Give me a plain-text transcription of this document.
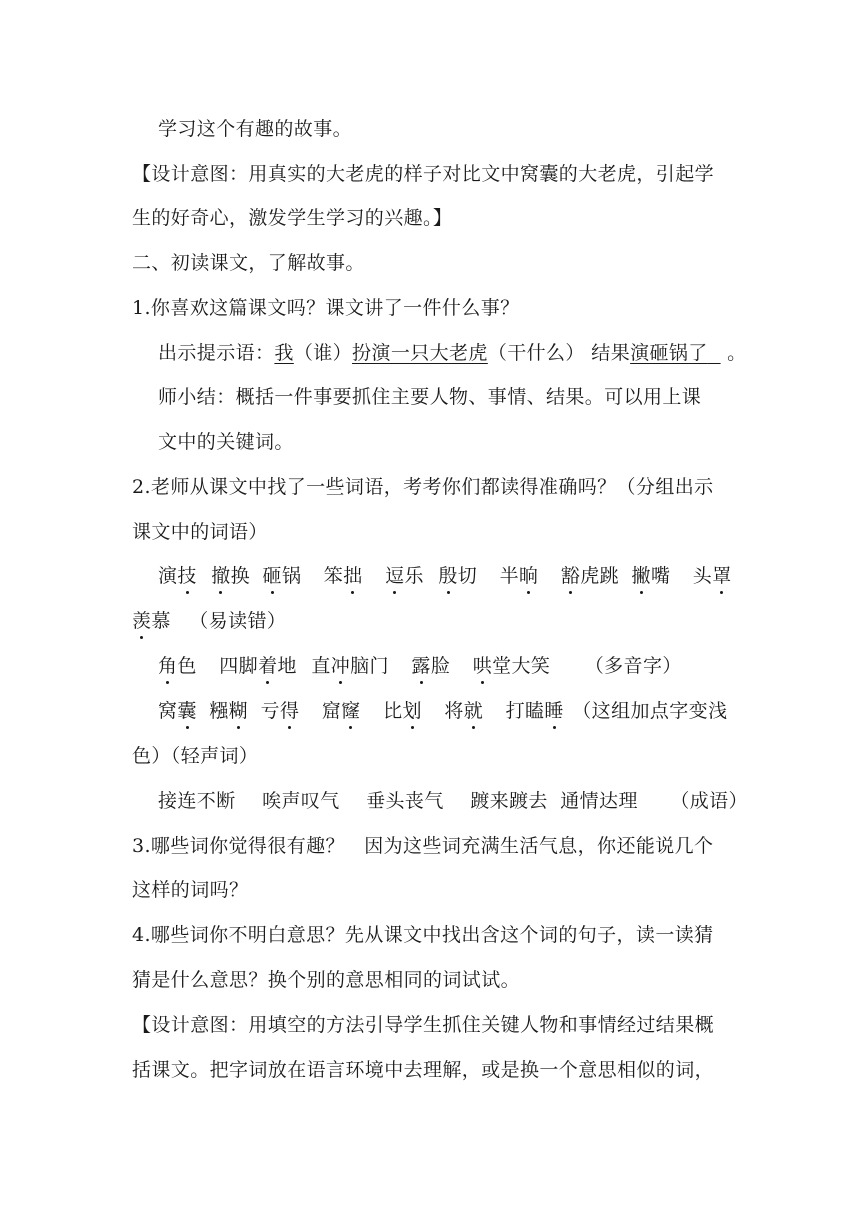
学习这个有趣的故事。
【设计意图：用真实的大老虎的样子对比文中窝囊的大老虎，引起学
生的好奇心，激发学生学习的兴趣。】
二、初读课文，了解故事。
1.你喜欢这篇课文吗？课文讲了一件什么事？
出示提示语：我（谁）扮演一只大老虎（干什么） 结果演砸锅了 。
师小结：概括一件事要抓住主要人物、事情、结果。可以用上课
文中的关键词。
2.老师从课文中找了一些词语，考考你们都读得准确吗？（分组出示
课文中的词语）
演技 撤换 砸锅 笨拙 逗乐 殷切 半晌 豁虎跳 撇嘴 头罩
羡慕 （易读错）
角色 四脚着地 直冲脑门 露脸 哄堂大笑 （多音字）
窝囊 糨糊 亏得 窟窿 比划 将就 打瞌睡 （这组加点字变浅
色）（轻声词）
接连不断 唉声叹气 垂头丧气 踱来踱去 通情达理 （成语）
3.哪些词你觉得很有趣？   因为这些词充满生活气息，你还能说几个
这样的词吗？
4.哪些词你不明白意思？先从课文中找出含这个词的句子，读一读猜
猜是什么意思？换个别的意思相同的词试试。
【设计意图：用填空的方法引导学生抓住关键人物和事情经过结果概
括课文。把字词放在语言环境中去理解，或是换一个意思相似的词，
